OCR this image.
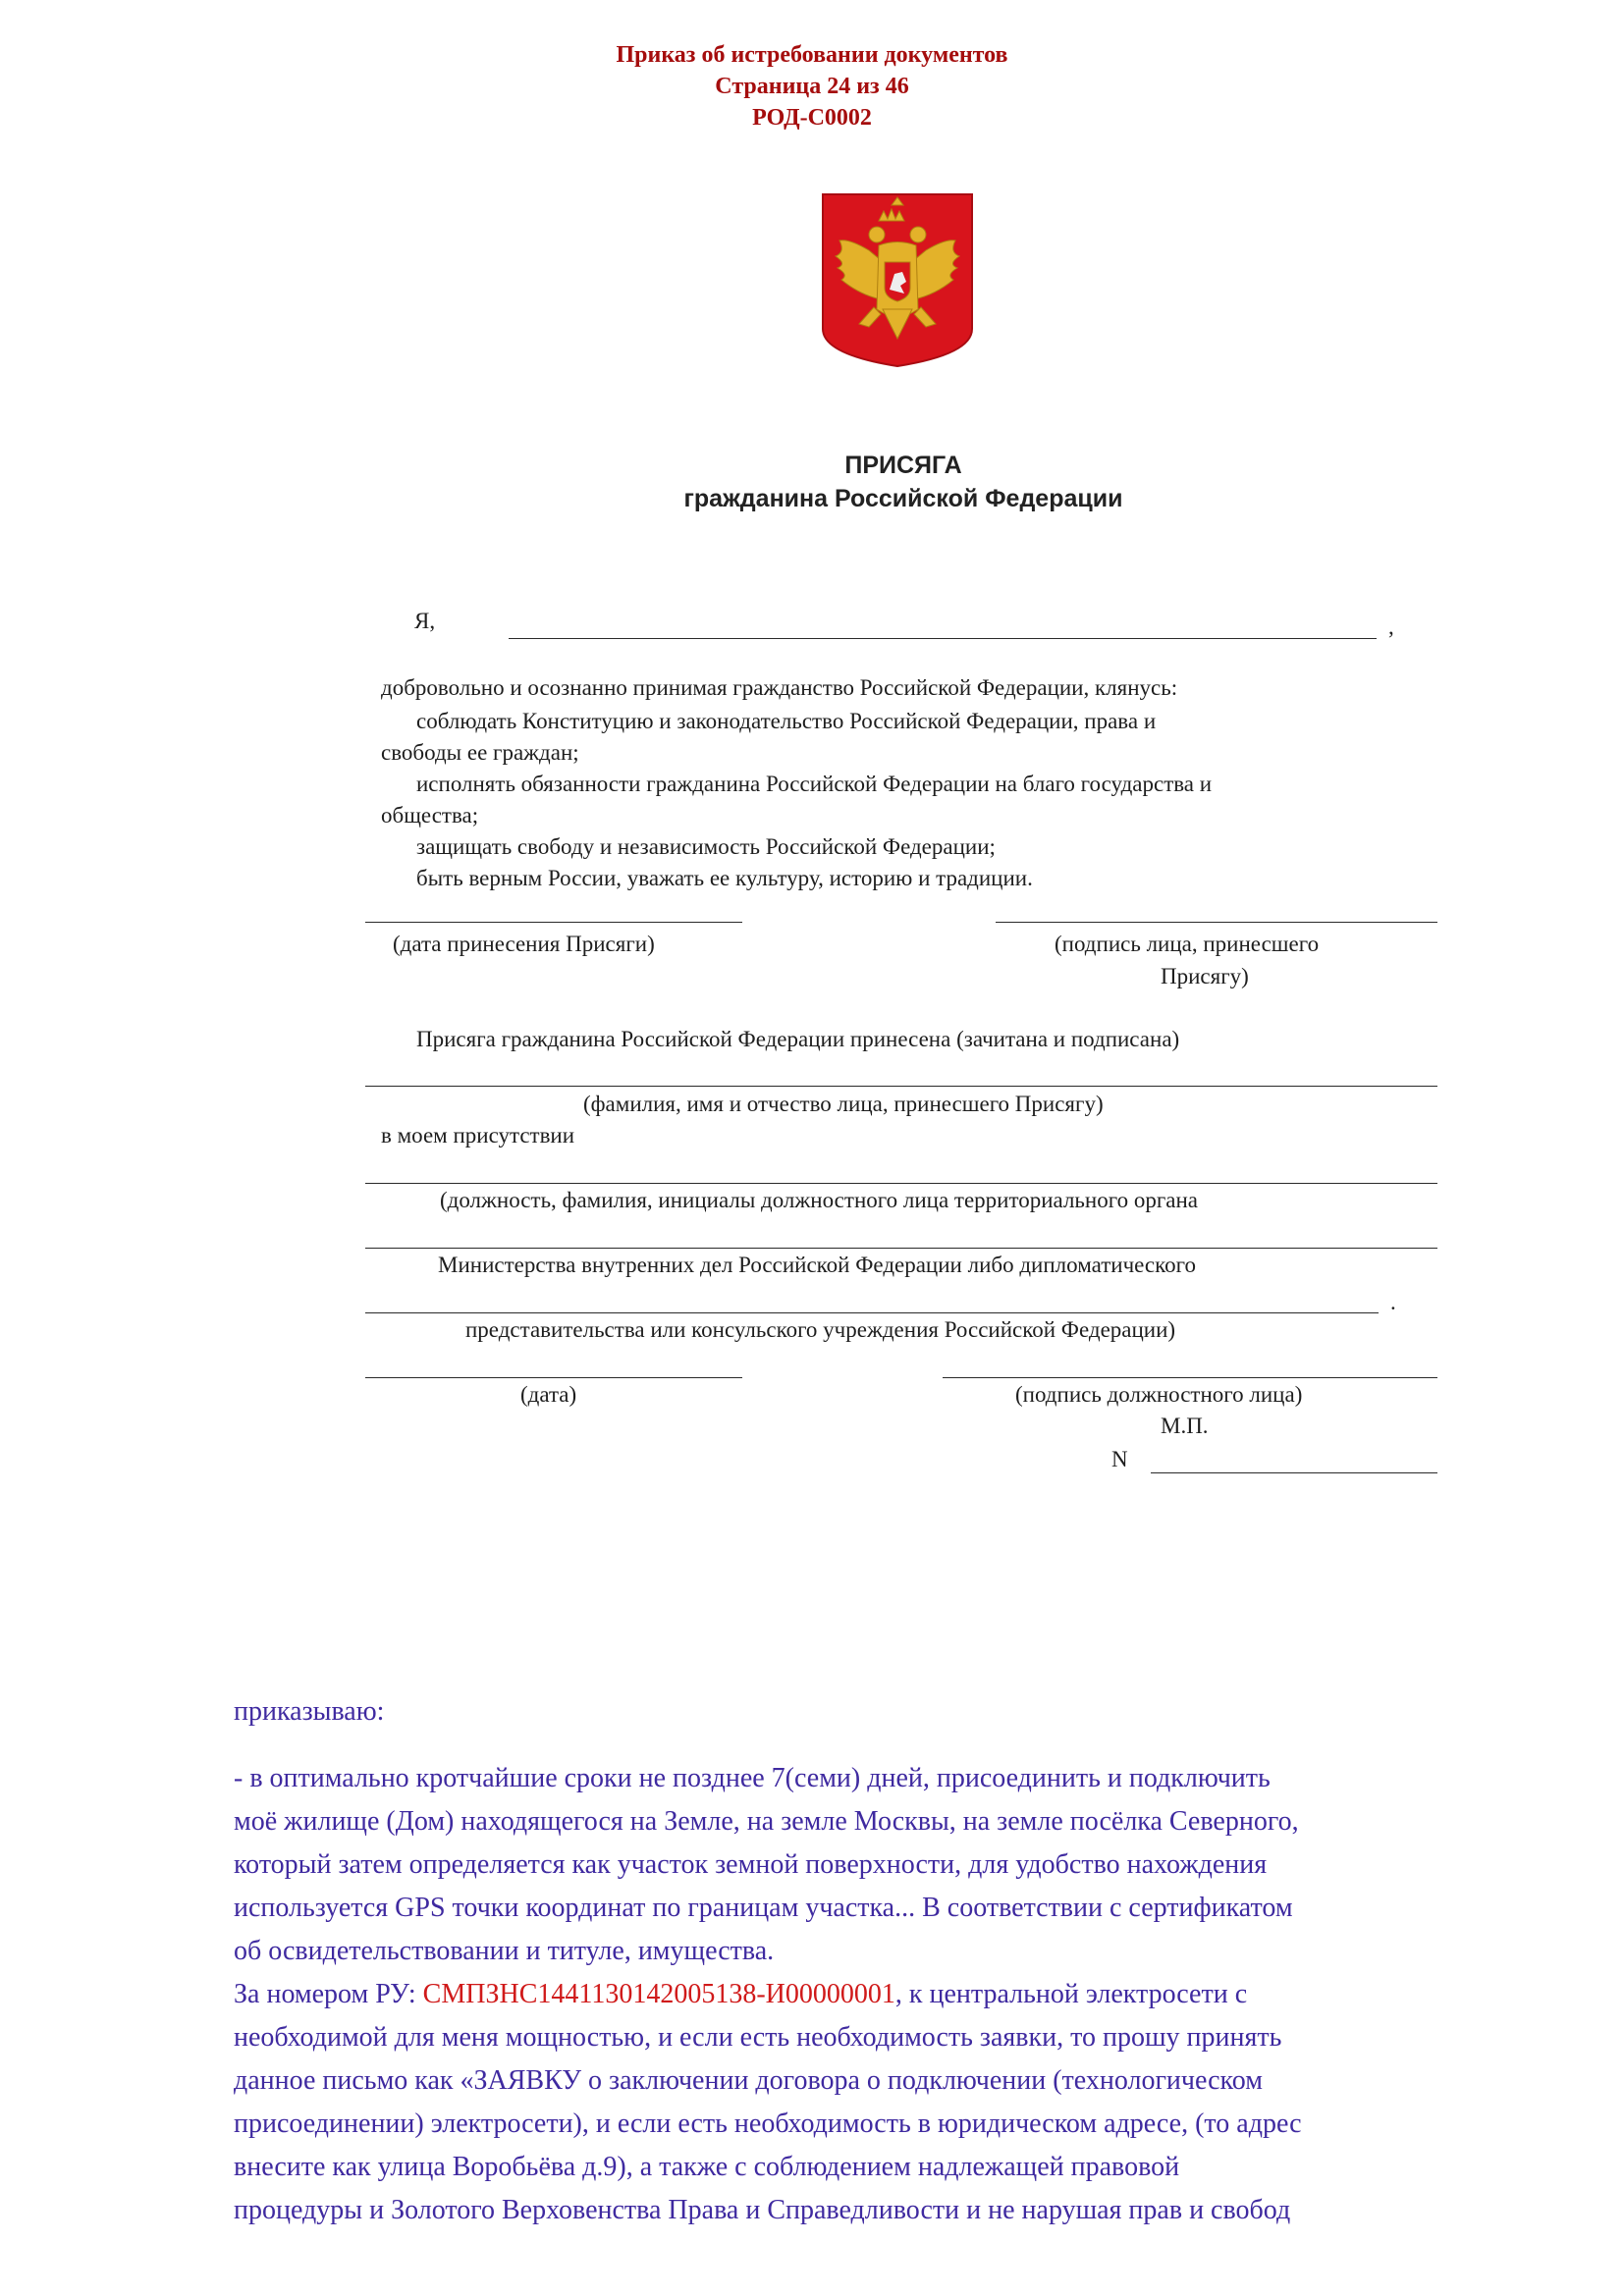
Приказ об истребовании документов
Страница 24 из 46
РОД-С0002
ПРИСЯГА
гражданина Российской Федерации
Я,	,
добровольно и осознанно принимая гражданство Российской Федерации, клянусь:
соблюдать Конституцию и законодательство Российской Федерации, права и
свободы ее граждан;
исполнять обязанности гражданина Российской Федерации на благо государства и
общества;
защищать свободу и независимость Российской Федерации;
быть верным России, уважать ее культуру, историю и традиции.
(дата принесения Присяги)	(подпись лица, принесшего
Присягу)
Присяга гражданина Российской Федерации принесена (зачитана и подписана)
(фамилия, имя и отчество лица, принесшего Присягу)
в моем присутствии
(должность, фамилия, инициалы должностного лица территориального органа
Министерства внутренних дел Российской Федерации либо дипломатического
.
представительства или консульского учреждения Российской Федерации)
(дата)	(подпись должностного лица)
М.П.
N
приказываю:
- в оптимально кротчайшие сроки не позднее 7(семи) дней, присоединить и подключить
моё жилище (Дом) находящегося на Земле, на земле Москвы, на земле посёлка Северного,
который затем определяется как участок земной поверхности, для удобство нахождения
используется GPS точки координат по границам участка... В соответствии с сертификатом
об освидетельствовании и титуле, имущества.
За номером РУ: СМПЗНС1441130142005138-И00000001, к центральной электросети с
необходимой для меня мощностью, и если есть необходимость заявки, то прошу принять
данное письмо как «ЗАЯВКУ о заключении договора о подключении (технологическом
присоединении) электросети), и если есть необходимость в юридическом адресе, (то адрес
внесите как улица Воробьёва д.9), а также с соблюдением надлежащей правовой
процедуры и Золотого Верховенства Права и Справедливости и не нарушая прав и свобод
